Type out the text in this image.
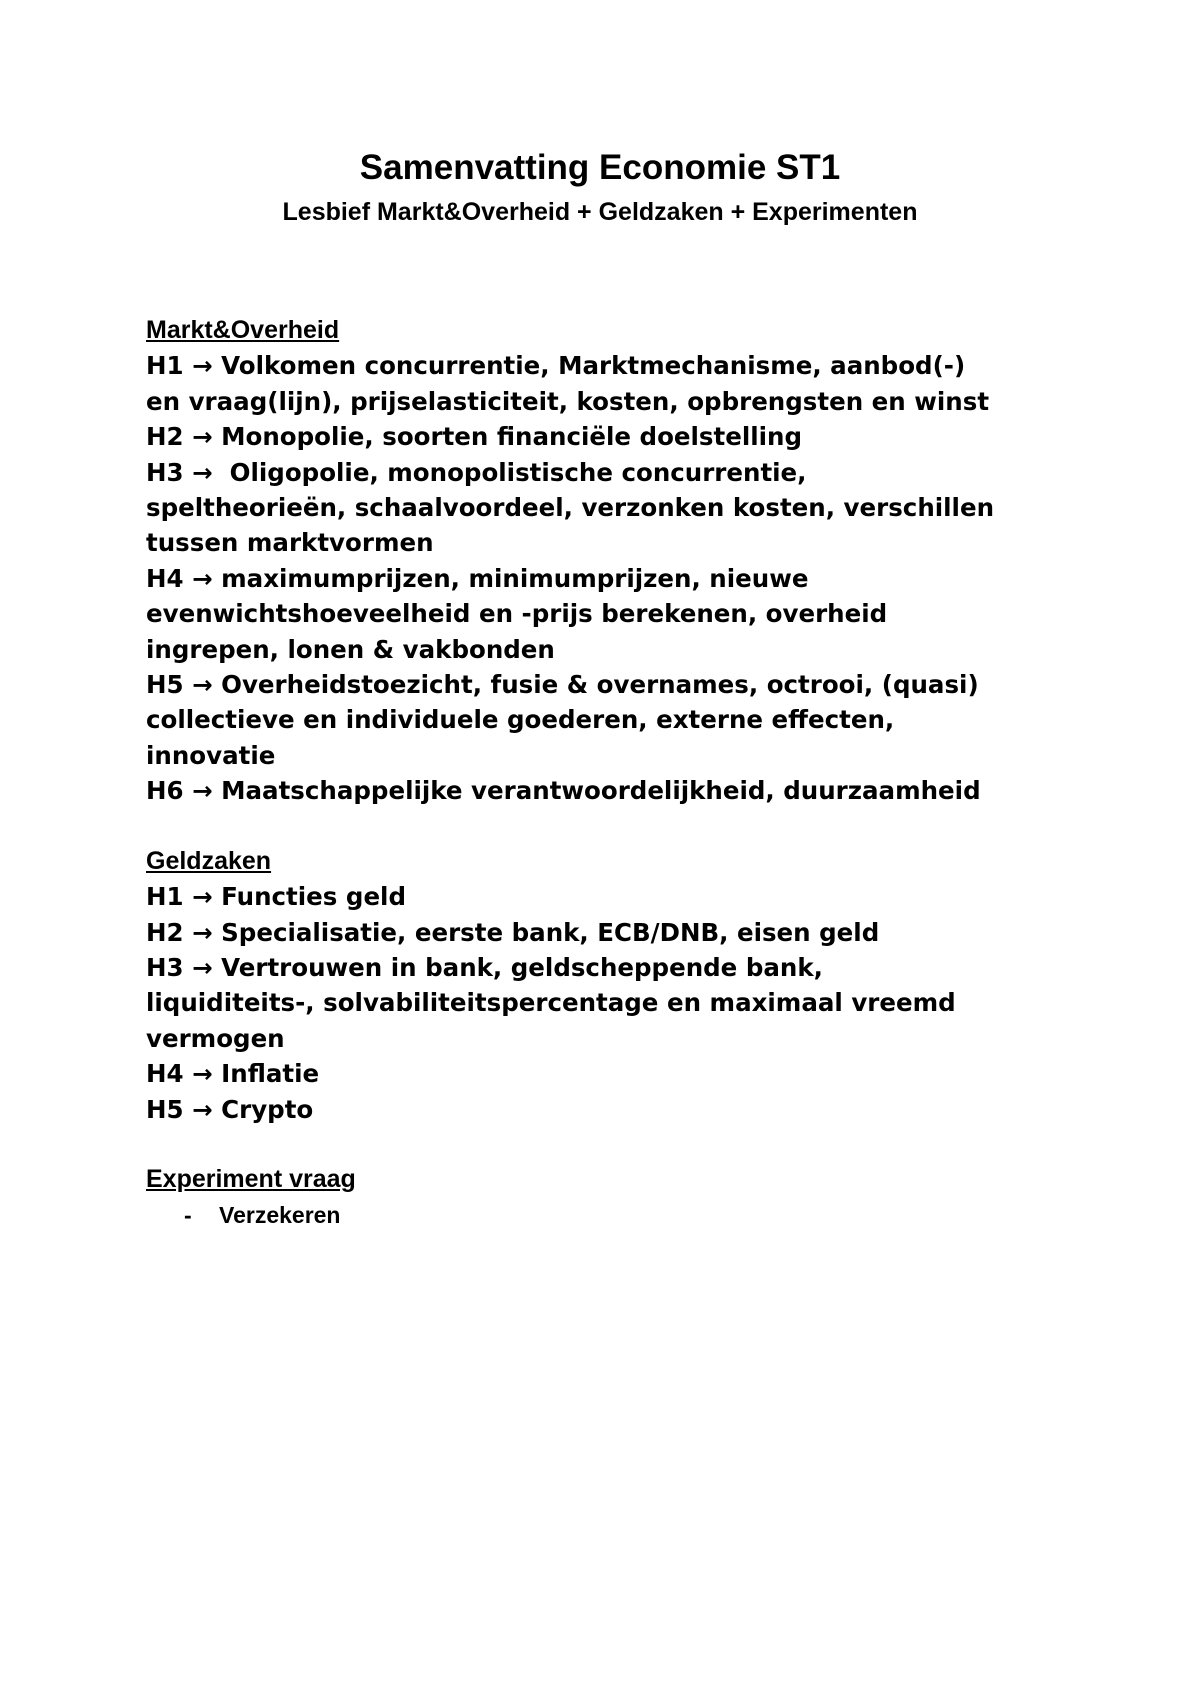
Samenvatting Economie ST1
Lesbief Markt&Overheid + Geldzaken + Experimenten
Markt&Overheid
H1 → Volkomen concurrentie, Marktmechanisme, aanbod(-)
en vraag(lijn), prijselasticiteit, kosten, opbrengsten en winst
H2 → Monopolie, soorten financiële doelstelling
H3 →  Oligopolie, monopolistische concurrentie,
speltheorieën, schaalvoordeel, verzonken kosten, verschillen
tussen marktvormen
H4 → maximumprijzen, minimumprijzen, nieuwe
evenwichtshoeveelheid en -prijs berekenen, overheid
ingrepen, lonen & vakbonden
H5 → Overheidstoezicht, fusie & overnames, octrooi, (quasi)
collectieve en individuele goederen, externe effecten,
innovatie
H6 → Maatschappelijke verantwoordelijkheid, duurzaamheid
Geldzaken
H1 → Functies geld
H2 → Specialisatie, eerste bank, ECB/DNB, eisen geld
H3 → Vertrouwen in bank, geldscheppende bank,
liquiditeits-, solvabiliteitspercentage en maximaal vreemd
vermogen
H4 → Inflatie
H5 → Crypto
Experiment vraag
- Verzekeren
